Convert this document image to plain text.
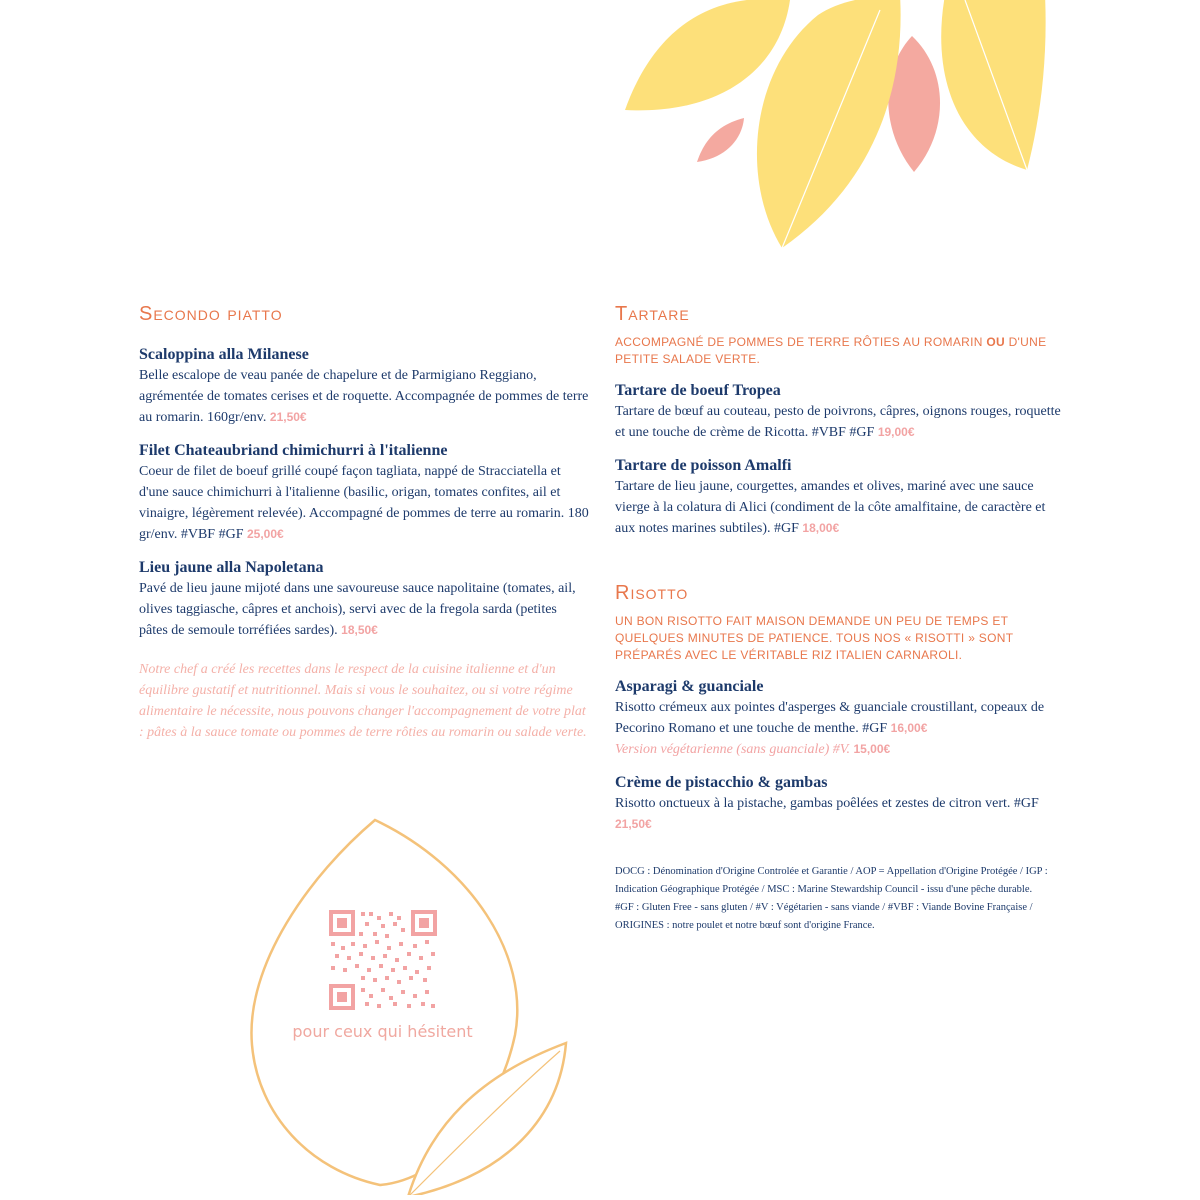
pour ceux qui hésitent
Secondo piatto
Scaloppina alla Milanese
Belle escalope de veau panée de chapelure et de Parmigiano Reggiano, agrémentée de tomates cerises et de roquette. Accompagnée de pommes de terre au romarin. 160gr/env. 21,50€
Filet Chateaubriand chimichurri à l'italienne
Coeur de filet de boeuf grillé coupé façon tagliata, nappé de Stracciatella et d'une sauce chimichurri à l'italienne (basilic, origan, tomates confites, ail et vinaigre, légèrement relevée). Accompagné de pommes de terre au romarin. 180 gr/env. #VBF #GF 25,00€
Lieu jaune alla Napoletana
Pavé de lieu jaune mijoté dans une savoureuse sauce napolitaine (tomates, ail, olives taggiasche, câpres et anchois), servi avec de la fregola sarda (petites pâtes de semoule torréfiées sardes). 18,50€
Notre chef a créé les recettes dans le respect de la cuisine italienne et d'un équilibre gustatif et nutritionnel. Mais si vous le souhaitez, ou si votre régime alimentaire le nécessite, nous pouvons changer l'accompagnement de votre plat : pâtes à la sauce tomate ou pommes de terre rôties au romarin ou salade verte.
Tartare
ACCOMPAGNÉ DE POMMES DE TERRE RÔTIES AU ROMARIN OU D'UNE PETITE SALADE VERTE.
Tartare de boeuf Tropea
Tartare de bœuf au couteau, pesto de poivrons, câpres, oignons rouges, roquette et une touche de crème de Ricotta. #VBF #GF 19,00€
Tartare de poisson Amalfi
Tartare de lieu jaune, courgettes, amandes et olives, mariné avec une sauce vierge à la colatura di Alici (condiment de la côte amalfitaine, de caractère et aux notes marines subtiles). #GF 18,00€
Risotto
UN BON RISOTTO FAIT MAISON DEMANDE UN PEU DE TEMPS ET QUELQUES MINUTES DE PATIENCE. TOUS NOS « RISOTTI » SONT PRÉPARÉS AVEC LE VÉRITABLE RIZ ITALIEN CARNAROLI.
Asparagi & guanciale
Risotto crémeux aux pointes d'asperges & guanciale croustillant, copeaux de Pecorino Romano et une touche de menthe. #GF 16,00€
Version végétarienne (sans guanciale) #V. 15,00€
Crème de pistacchio & gambas
Risotto onctueux à la pistache, gambas poêlées et zestes de citron vert. #GF 21,50€
DOCG : Dénomination d'Origine Controlée et Garantie / AOP = Appellation d'Origine Protégée / IGP : Indication Géographique Protégée / MSC : Marine Stewardship Council - issu d'une pêche durable.
#GF : Gluten Free - sans gluten / #V : Végétarien - sans viande / #VBF : Viande Bovine Française / ORIGINES : notre poulet et notre bœuf sont d'origine France.
